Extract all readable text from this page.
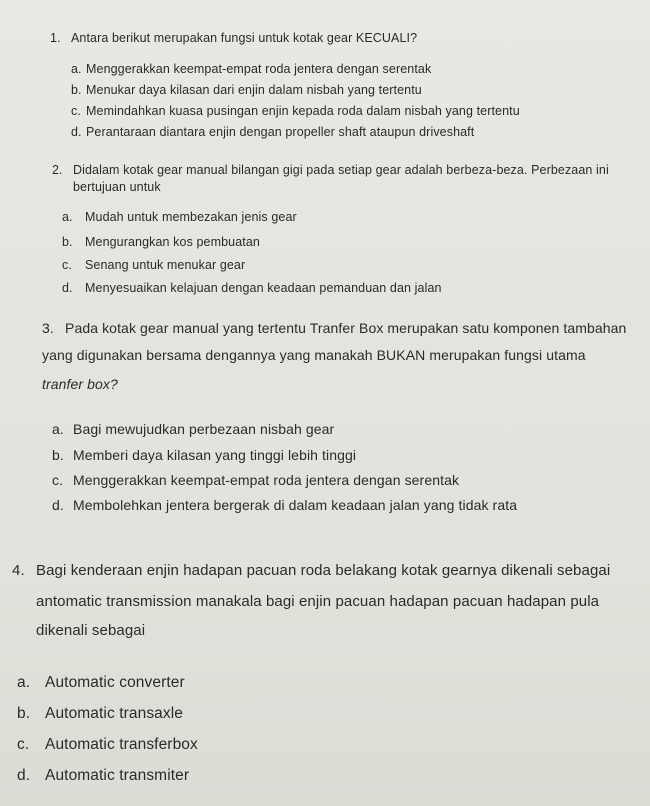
1. Antara berikut merupakan fungsi untuk kotak gear KECUALI?
a. Menggerakkan keempat-empat roda jentera dengan serentak
b. Menukar daya kilasan dari enjin dalam nisbah yang tertentu
c. Memindahkan kuasa pusingan enjin kepada roda dalam nisbah yang tertentu
d. Perantaraan diantara enjin dengan propeller shaft ataupun driveshaft
2. Didalam kotak gear manual bilangan gigi pada setiap gear adalah berbeza-beza. Perbezaan ini
bertujuan untuk
a. Mudah untuk membezakan jenis gear
b. Mengurangkan kos pembuatan
c. Senang untuk menukar gear
d. Menyesuaikan kelajuan dengan keadaan pemanduan dan jalan
3. Pada kotak gear manual yang tertentu Tranfer Box merupakan satu komponen tambahan
yang digunakan bersama dengannya yang manakah BUKAN merupakan fungsi utama
tranfer box?
a. Bagi mewujudkan perbezaan nisbah gear
b. Memberi daya kilasan yang tinggi lebih tinggi
c. Menggerakkan keempat-empat roda jentera dengan serentak
d. Membolehkan jentera bergerak di dalam keadaan jalan yang tidak rata
4. Bagi kenderaan enjin hadapan pacuan roda belakang kotak gearnya dikenali sebagai
antomatic transmission manakala bagi enjin pacuan hadapan pacuan hadapan pula
dikenali sebagai
a. Automatic converter
b. Automatic transaxle
c. Automatic transferbox
d. Automatic transmiter
